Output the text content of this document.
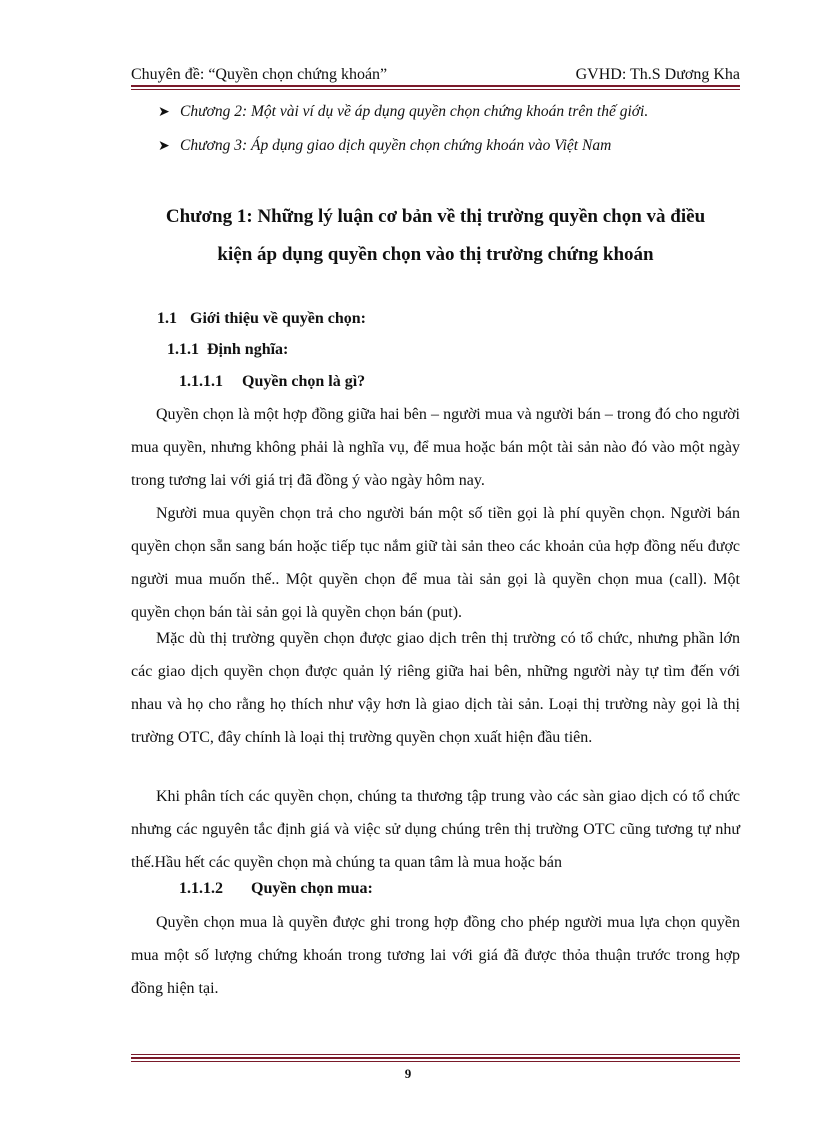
Chuyên đề: “Quyền chọn chứng khoán”	GVHD: Th.S Dương Kha
➤ Chương 2: Một vài ví dụ về áp dụng quyền chọn chứng khoán trên thế giới.
➤ Chương 3: Áp dụng giao dịch quyền chọn chứng khoán vào Việt Nam
Chương 1: Những lý luận cơ bản về thị trường quyền chọn và điều
kiện áp dụng quyền chọn vào thị trường chứng khoán
1.1 Giới thiệu về quyền chọn:
1.1.1 Định nghĩa:
1.1.1.1 Quyền chọn là gì?

Quyền chọn là một hợp đồng giữa hai bên – người mua và người bán – trong đó cho người mua quyền, nhưng không phải là nghĩa vụ, để mua hoặc bán một tài sản nào đó vào một ngày trong tương lai với giá trị đã đồng ý vào ngày hôm nay.

Người mua quyền chọn trả cho người bán một số tiền gọi là phí quyền chọn. Người bán quyền chọn sẵn sang bán hoặc tiếp tục nắm giữ tài sản theo các khoản của hợp đồng nếu được người mua muốn thế.. Một quyền chọn để mua tài sản gọi là quyền chọn mua (call). Một quyền chọn bán tài sản gọi là quyền chọn bán (put).

Mặc dù thị trường quyền chọn được giao dịch trên thị trường có tổ chức, nhưng phần lớn các giao dịch quyền chọn được quản lý riêng giữa hai bên, những người này tự tìm đến với nhau và họ cho rằng họ thích như vậy hơn là giao dịch tài sản. Loại thị trường này gọi là thị trường OTC, đây chính là loại thị trường quyền chọn xuất hiện đầu tiên.

Khi phân tích các quyền chọn, chúng ta thương tập trung vào các sàn giao dịch có tổ chức nhưng các nguyên tắc định giá và việc sử dụng chúng trên thị trường OTC cũng tương tự như thế.Hầu hết các quyền chọn mà chúng ta quan tâm là mua hoặc bán

1.1.1.2 Quyền chọn mua:

Quyền chọn mua là quyền được ghi trong hợp đồng cho phép người mua lựa chọn quyền mua một số lượng chứng khoán trong tương lai với giá đã được thỏa thuận trước trong hợp đồng hiện tại.

9
